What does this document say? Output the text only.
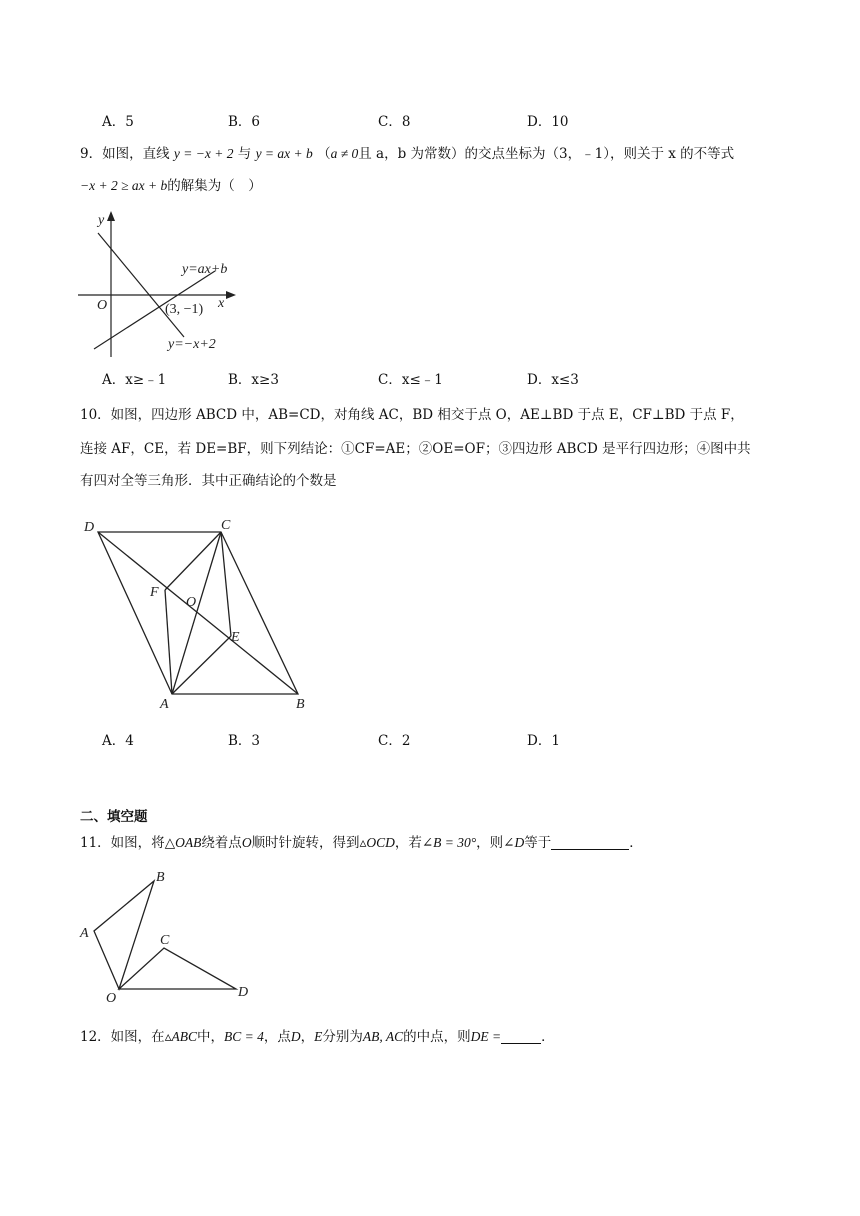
A．5	B．6	C．8	D．10
9．如图，直线 y = −x + 2 与 y = ax + b （a ≠ 0且 a，b 为常数）的交点坐标为（3，﹣1），则关于 x 的不等式
−x + 2 ≥ ax + b的解集为（　）
y
x
O
y=ax+b
y=−x+2
(3, −1)
A．x≥﹣1	B．x≥3	C．x≤﹣1	D．x≤3
10．如图，四边形 ABCD 中，AB=CD，对角线 AC，BD 相交于点 O，AE⊥BD 于点 E，CF⊥BD 于点 F，
连接 AF，CE，若 DE=BF，则下列结论：①CF=AE；②OE=OF；③四边形 ABCD 是平行四边形；④图中共
有四对全等三角形．其中正确结论的个数是
D	C
F
O
E
A	B
A．4	B．3	C．2	D．1
二、填空题
11．如图，将△OAB绕着点O顺时针旋转，得到▵OCD，若∠B = 30°，则∠D等于	．
A
B
C
D
O
12．如图，在▵ABC中，BC = 4，点D，E分别为AB, AC的中点，则DE =	．
